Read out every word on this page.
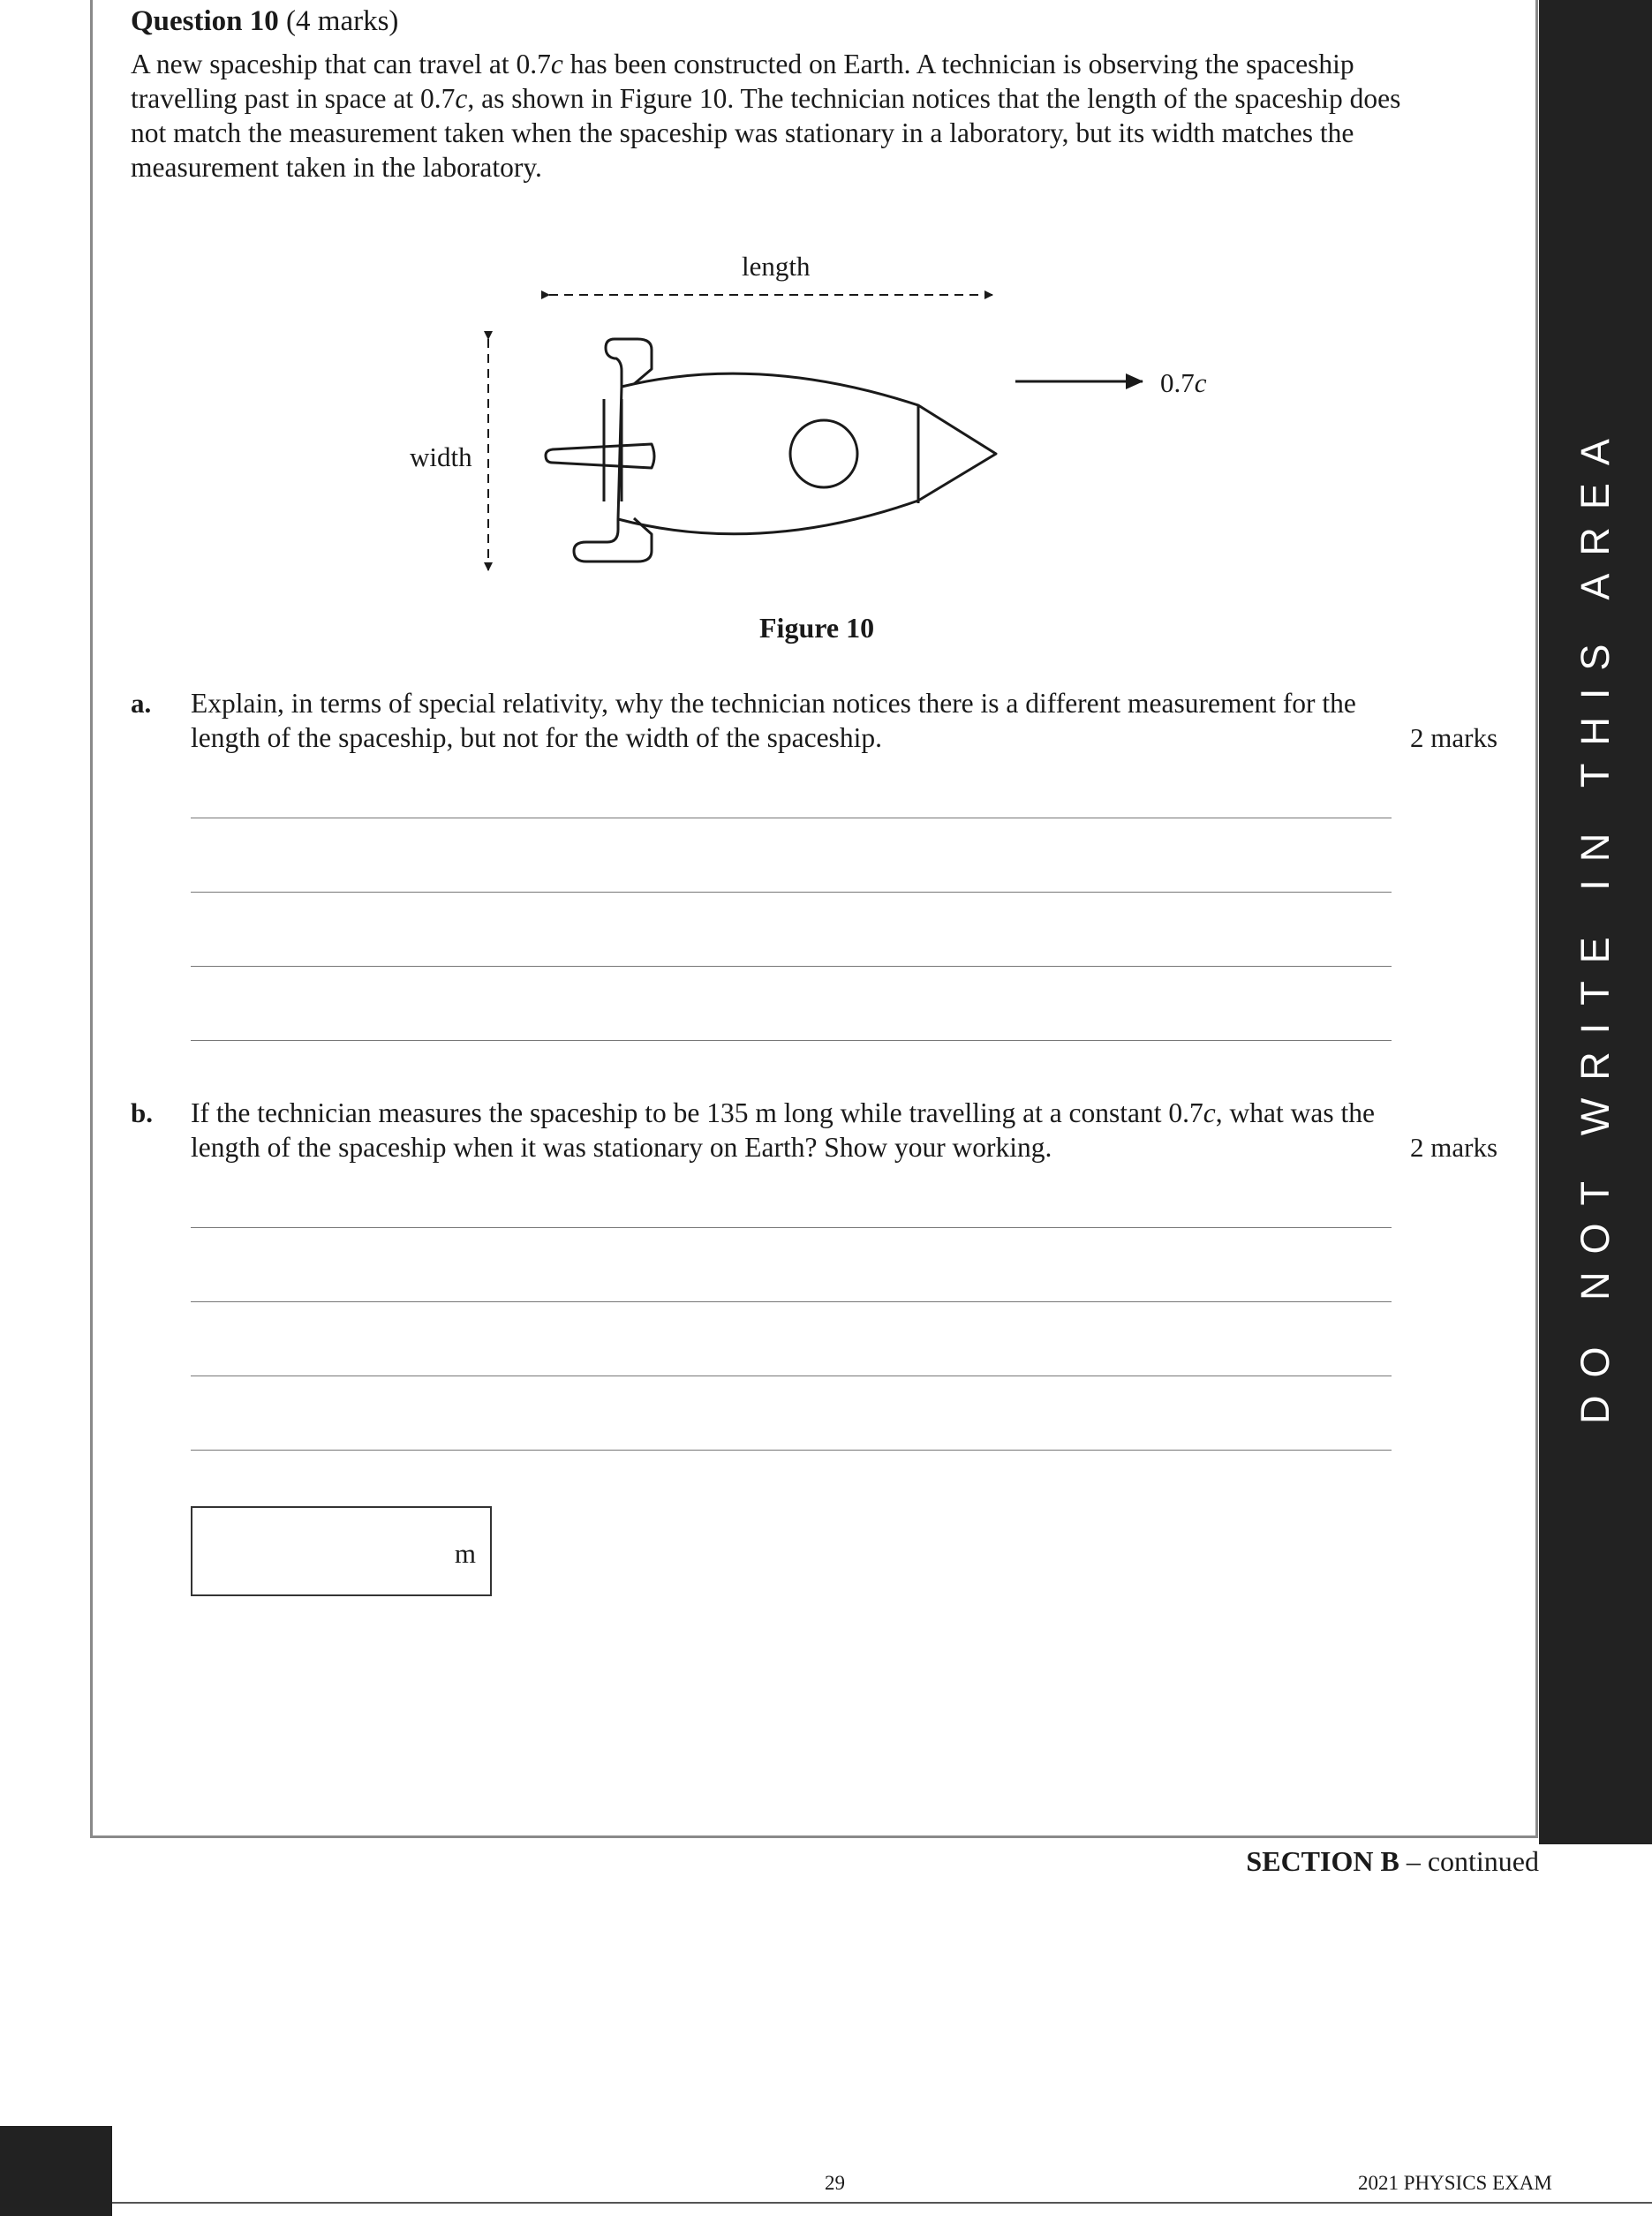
DO NOT WRITE IN THIS AREA
Question 10 (4 marks)

A new spaceship that can travel at 0.7c has been constructed on Earth. A technician is observing the spaceship travelling past in space at 0.7c, as shown in Figure 10. The technician notices that the length of the spaceship does not match the measurement taken when the spaceship was stationary in a laboratory, but its width matches the measurement taken in the laboratory.

length
width
0.7c
Figure 10
a. Explain, in terms of special relativity, why the technician notices there is a different measurement for the length of the spaceship, but not for the width of the spaceship.	2 marks
b. If the technician measures the spaceship to be 135 m long while travelling at a constant 0.7c, what was the length of the spaceship when it was stationary on Earth? Show your working.	2 marks
m
SECTION B – continued
29	2021 PHYSICS EXAM
